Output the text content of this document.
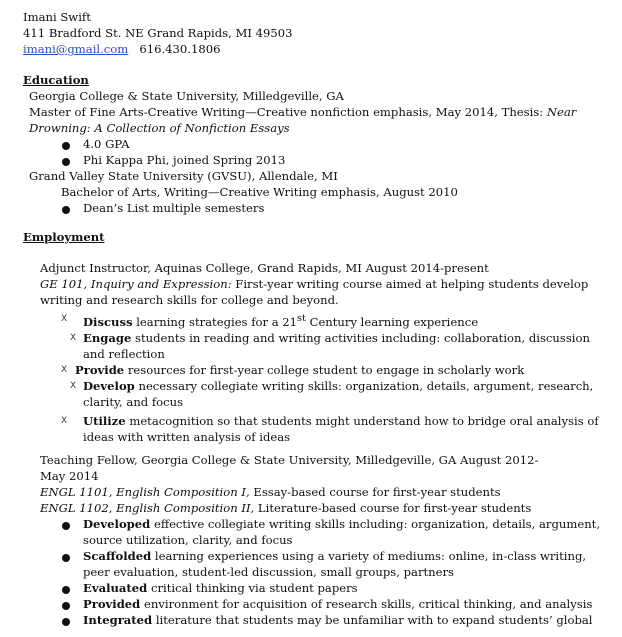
Imani Swift
411 Bradford St. NE Grand Rapids, MI 49503
imani@gmail.com 616.430.1806
Education
Georgia College & State University, Milledgeville, GA
Master of Fine Arts-Creative Writing—Creative nonfiction emphasis, May 2014, Thesis: Near
Drowning: A Collection of Nonfiction Essays
4.0 GPA
Phi Kappa Phi, joined Spring 2013
Grand Valley State University (GVSU), Allendale, MI
Bachelor of Arts, Writing—Creative Writing emphasis, August 2010
Dean’s List multiple semesters
Employment
Adjunct Instructor, Aquinas College, Grand Rapids, MI August 2014-present
GE 101, Inquiry and Expression: First-year writing course aimed at helping students develop
writing and research skills for college and beyond.
Ⅹ Discuss learning strategies for a 21st Century learning experience
Ⅹ Engage students in reading and writing activities including: collaboration, discussion and reflection
Ⅹ Provide resources for first-year college student to engage in scholarly work
Ⅹ Develop necessary collegiate writing skills: organization, details, argument, research, clarity, and focus
Ⅹ Utilize metacognition so that students might understand how to bridge oral analysis of ideas with written analysis of ideas
Teaching Fellow, Georgia College & State University, Milledgeville, GA August 2012-May 2014
ENGL 1101, English Composition I, Essay-based course for first-year students
ENGL 1102, English Composition II, Literature-based course for first-year students
Developed effective collegiate writing skills including: organization, details, argument, source utilization, clarity, and focus
Scaffolded learning experiences using a variety of mediums: online, in-class writing, peer evaluation, student-led discussion, small groups, partners
Evaluated critical thinking via student papers
Provided environment for acquisition of research skills, critical thinking, and analysis
Integrated literature that students may be unfamiliar with to expand students’ global
